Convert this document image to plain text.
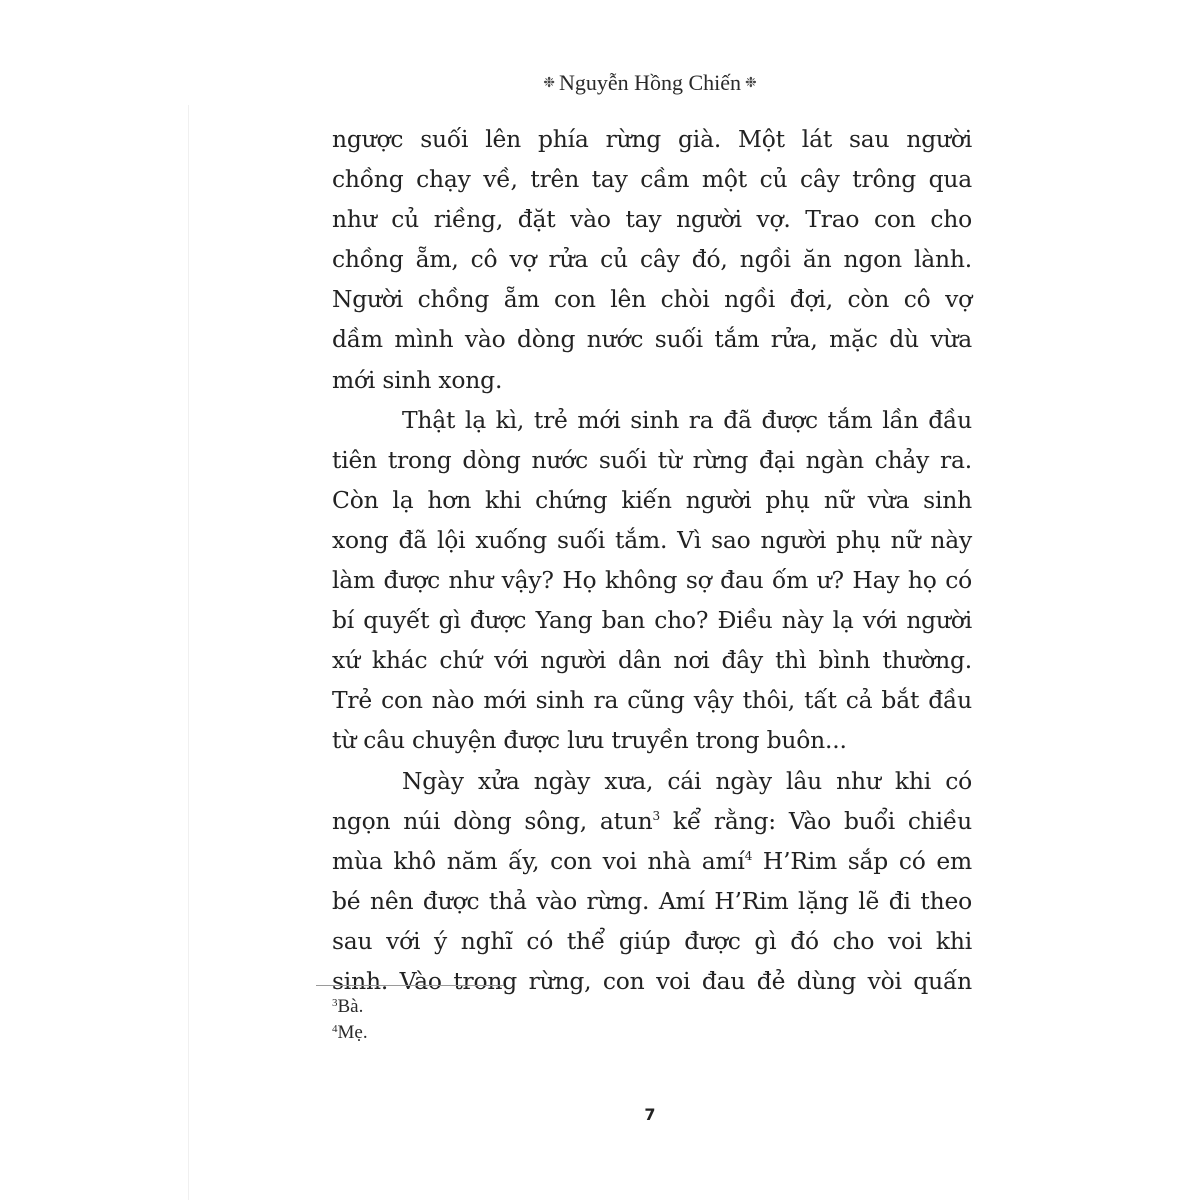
❉ Nguyễn Hồng Chiến ❉
ngược suối lên phía rừng già. Một lát sau người
chồng chạy về, trên tay cầm một củ cây trông qua
như củ riềng, đặt vào tay người vợ. Trao con cho
chồng ẵm, cô vợ rửa củ cây đó, ngồi ăn ngon lành.
Người chồng ẵm con lên chòi ngồi đợi, còn cô vợ
dầm mình vào dòng nước suối tắm rửa, mặc dù vừa
mới sinh xong.
Thật lạ kì, trẻ mới sinh ra đã được tắm lần đầu
tiên trong dòng nước suối từ rừng đại ngàn chảy ra.
Còn lạ hơn khi chứng kiến người phụ nữ vừa sinh
xong đã lội xuống suối tắm. Vì sao người phụ nữ này
làm được như vậy? Họ không sợ đau ốm ư? Hay họ có
bí quyết gì được Yang ban cho? Điều này lạ với người
xứ khác chứ với người dân nơi đây thì bình thường.
Trẻ con nào mới sinh ra cũng vậy thôi, tất cả bắt đầu
từ câu chuyện được lưu truyền trong buôn...
Ngày xửa ngày xưa, cái ngày lâu như khi có
ngọn núi dòng sông, atun$^3$ kể rằng: Vào buổi chiều
mùa khô năm ấy, con voi nhà amí$^4$ H’Rim sắp có em
bé nên được thả vào rừng. Amí H’Rim lặng lẽ đi theo
sau với ý nghĩ có thể giúp được gì đó cho voi khi
sinh. Vào trong rừng, con voi đau đẻ dùng vòi quấn
$^3$Bà.
$^4$Mẹ.
7
